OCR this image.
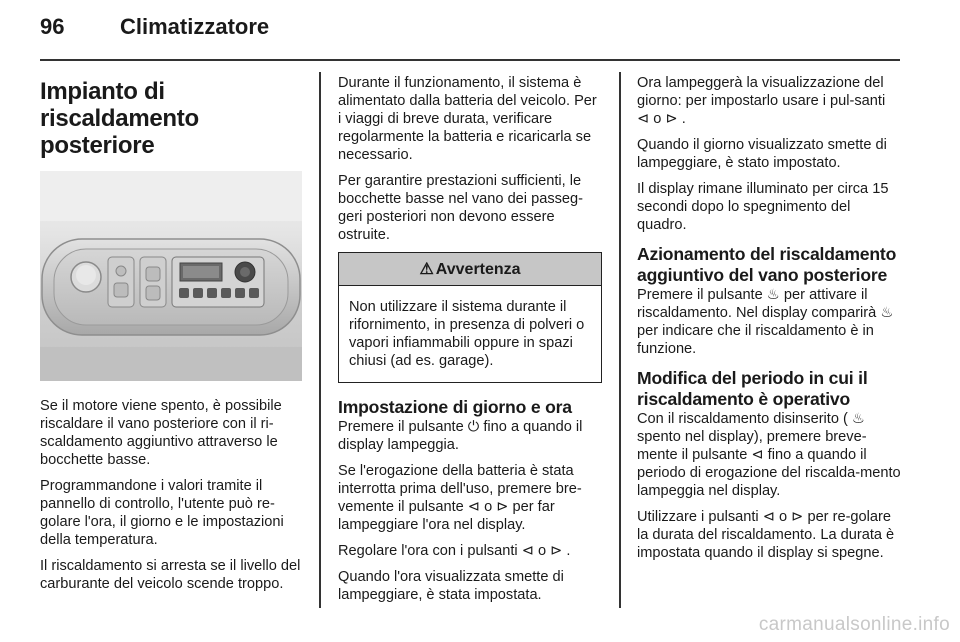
96	Climatizzatore
Impianto di riscaldamento posteriore

Se il motore viene spento, è possibile riscaldare il vano posteriore con il ri-scaldamento aggiuntivo attraverso le bocchette basse.

Programmandone i valori tramite il pannello di controllo, l'utente può re-golare l'ora, il giorno e le impostazioni della temperatura.

Il riscaldamento si arresta se il livello del carburante del veicolo scende troppo.

Durante il funzionamento, il sistema è alimentato dalla batteria del veicolo. Per i viaggi di breve durata, verificare regolarmente la batteria e ricaricarla se necessario.

Per garantire prestazioni sufficienti, le bocchette basse nel vano dei passeg-geri posteriori non devono essere ostruite.

⚠ Avvertenza
Non utilizzare il sistema durante il rifornimento, in presenza di polveri o vapori infiammabili oppure in spazi chiusi (ad es. garage).
Impostazione di giorno e ora

Premere il pulsante ⏻ fino a quando il display lampeggia.

Se l'erogazione della batteria è stata interrotta prima dell'uso, premere bre-vemente il pulsante ⊲ o ⊳ per far lampeggiare l'ora nel display.

Regolare l'ora con i pulsanti ⊲ o ⊳ .

Quando l'ora visualizzata smette di lampeggiare, è stata impostata.

Ora lampeggerà la visualizzazione del giorno: per impostarlo usare i pul-santi ⊲ o ⊳ .

Quando il giorno visualizzato smette di lampeggiare, è stato impostato.

Il display rimane illuminato per circa 15 secondi dopo lo spegnimento del quadro.

Azionamento del riscaldamento aggiuntivo del vano posteriore

Premere il pulsante ♨ per attivare il riscaldamento. Nel display comparirà ♨ per indicare che il riscaldamento è in funzione.

Modifica del periodo in cui il riscaldamento è operativo

Con il riscaldamento disinserito ( ♨ spento nel display), premere breve-mente il pulsante ⊲ fino a quando il periodo di erogazione del riscalda-mento lampeggia nel display.

Utilizzare i pulsanti ⊲ o ⊳ per re-golare la durata del riscaldamento. La durata è impostata quando il display si spegne.

carmanualsonline.info
